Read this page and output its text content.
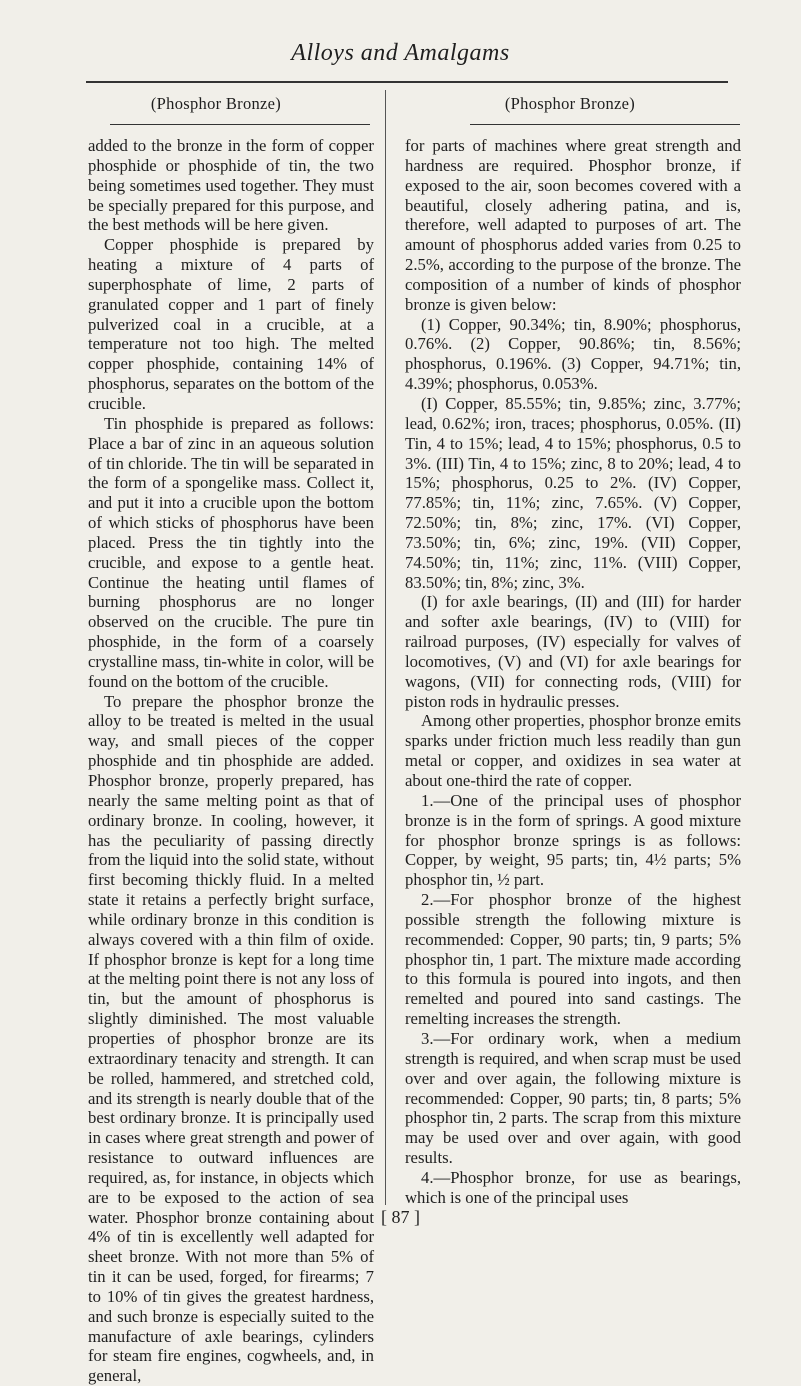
Alloys and Amalgams
(Phosphor Bronze)	(Phosphor Bronze)

added to the bronze in the form of copper phosphide or phosphide of tin, the two being sometimes used together. They must be specially prepared for this purpose, and the best methods will be here given.

Copper phosphide is prepared by heating a mixture of 4 parts of superphosphate of lime, 2 parts of granulated copper and 1 part of finely pulverized coal in a crucible, at a temperature not too high. The melted copper phosphide, containing 14% of phosphorus, separates on the bottom of the crucible.

Tin phosphide is prepared as follows: Place a bar of zinc in an aqueous solution of tin chloride. The tin will be separated in the form of a spongelike mass. Collect it, and put it into a crucible upon the bottom of which sticks of phosphorus have been placed. Press the tin tightly into the crucible, and expose to a gentle heat. Continue the heating until flames of burning phosphorus are no longer observed on the crucible. The pure tin phosphide, in the form of a coarsely crystalline mass, tin-white in color, will be found on the bottom of the crucible.

To prepare the phosphor bronze the alloy to be treated is melted in the usual way, and small pieces of the copper phosphide and tin phosphide are added. Phosphor bronze, properly prepared, has nearly the same melting point as that of ordinary bronze. In cooling, however, it has the peculiarity of passing directly from the liquid into the solid state, without first becoming thickly fluid. In a melted state it retains a perfectly bright surface, while ordinary bronze in this condition is always covered with a thin film of oxide. If phosphor bronze is kept for a long time at the melting point there is not any loss of tin, but the amount of phosphorus is slightly diminished. The most valuable properties of phosphor bronze are its extraordinary tenacity and strength. It can be rolled, hammered, and stretched cold, and its strength is nearly double that of the best ordinary bronze. It is principally used in cases where great strength and power of resistance to outward influences are required, as, for instance, in objects which are to be exposed to the action of sea water. Phosphor bronze containing about 4% of tin is excellently well adapted for sheet bronze. With not more than 5% of tin it can be used, forged, for firearms; 7 to 10% of tin gives the greatest hardness, and such bronze is especially suited to the manufacture of axle bearings, cylinders for steam fire engines, cogwheels, and, in general,

for parts of machines where great strength and hardness are required. Phosphor bronze, if exposed to the air, soon becomes covered with a beautiful, closely adhering patina, and is, therefore, well adapted to purposes of art. The amount of phosphorus added varies from 0.25 to 2.5%, according to the purpose of the bronze. The composition of a number of kinds of phosphor bronze is given below:

(1) Copper, 90.34%; tin, 8.90%; phosphorus, 0.76%. (2) Copper, 90.86%; tin, 8.56%; phosphorus, 0.196%. (3) Copper, 94.71%; tin, 4.39%; phosphorus, 0.053%.

(I) Copper, 85.55%; tin, 9.85%; zinc, 3.77%; lead, 0.62%; iron, traces; phosphorus, 0.05%. (II) Tin, 4 to 15%; lead, 4 to 15%; phosphorus, 0.5 to 3%. (III) Tin, 4 to 15%; zinc, 8 to 20%; lead, 4 to 15%; phosphorus, 0.25 to 2%. (IV) Copper, 77.85%; tin, 11%; zinc, 7.65%. (V) Copper, 72.50%; tin, 8%; zinc, 17%. (VI) Copper, 73.50%; tin, 6%; zinc, 19%. (VII) Copper, 74.50%; tin, 11%; zinc, 11%. (VIII) Copper, 83.50%; tin, 8%; zinc, 3%.

(I) for axle bearings, (II) and (III) for harder and softer axle bearings, (IV) to (VIII) for railroad purposes, (IV) especially for valves of locomotives, (V) and (VI) for axle bearings for wagons, (VII) for connecting rods, (VIII) for piston rods in hydraulic presses.

Among other properties, phosphor bronze emits sparks under friction much less readily than gun metal or copper, and oxidizes in sea water at about one-third the rate of copper.

1.—One of the principal uses of phosphor bronze is in the form of springs. A good mixture for phosphor bronze springs is as follows: Copper, by weight, 95 parts; tin, 4½ parts; 5% phosphor tin, ½ part.

2.—For phosphor bronze of the highest possible strength the following mixture is recommended: Copper, 90 parts; tin, 9 parts; 5% phosphor tin, 1 part. The mixture made according to this formula is poured into ingots, and then remelted and poured into sand castings. The remelting increases the strength.

3.—For ordinary work, when a medium strength is required, and when scrap must be used over and over again, the following mixture is recommended: Copper, 90 parts; tin, 8 parts; 5% phosphor tin, 2 parts. The scrap from this mixture may be used over and over again, with good results.

4.—Phosphor bronze, for use as bearings, which is one of the principal uses

[ 87 ]
